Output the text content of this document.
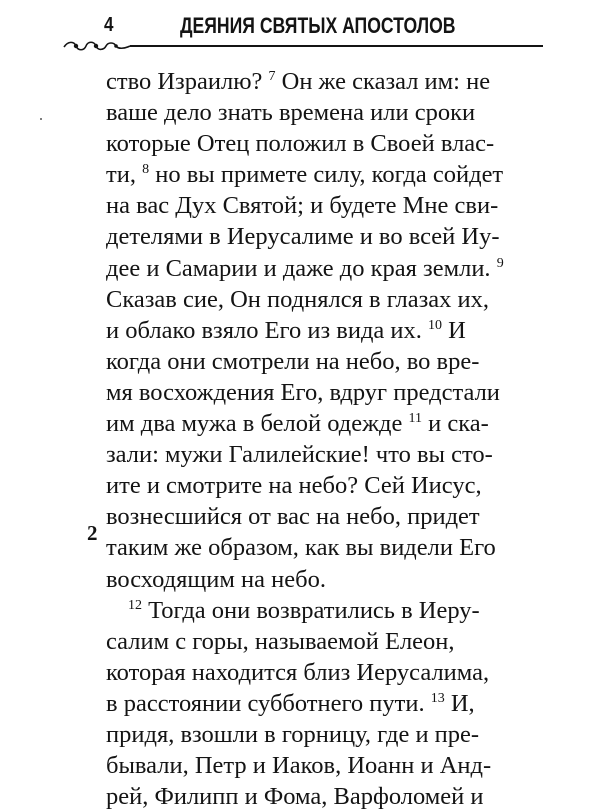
4	ДЕЯНИЯ СВЯТЫХ АПОСТОЛОВ
2
ство Израилю? $^7$ Он же сказал им: не
ваше дело знать времена или сроки
которые Отец положил в Своей влас-
ти, $^8$ но вы примете силу, когда сойдет
на вас Дух Святой; и будете Мне сви-
детелями в Иерусалиме и во всей Иу-
дее и Самарии и даже до края земли. $^9$
Сказав сие, Он поднялся в глазах их,
и облако взяло Его из вида их. $^{10}$ И
когда они смотрели на небо, во вре-
мя восхождения Его, вдруг предстали
им два мужа в белой одежде $^{11}$ и ска-
зали: мужи Галилейские! что вы сто-
ите и смотрите на небо? Сей Иисус,
вознесшийся от вас на небо, придет
таким же образом, как вы видели Его
восходящим на небо.
$^{12}$ Тогда они возвратились в Иеру-
салим с горы, называемой Елеон,
которая находится близ Иерусалима,
в расстоянии субботнего пути. $^{13}$ И,
придя, взошли в горницу, где и пре-
бывали, Петр и Иаков, Иоанн и Анд-
рей, Филипп и Фома, Варфоломей и
